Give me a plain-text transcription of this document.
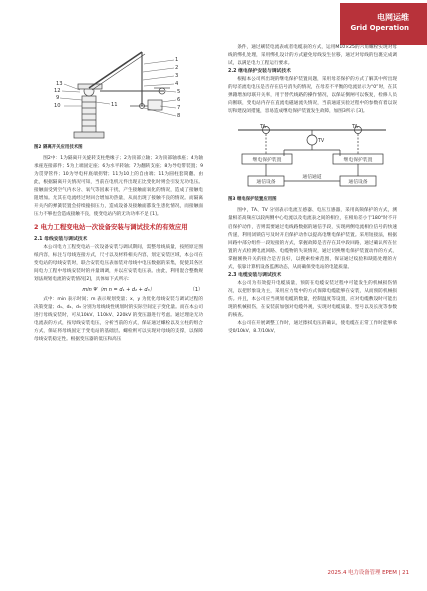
电网运维
Grid Operation
13
12
9
10	11
1
2
3
4
5
6
7
8
图2 隔离开关应用技术图

图2中：1为隔离开关旋转支柱绝缘子；2为顶部立轴；3为顶部轴承座；4为轴承座连接部件；5为上端固定座；6为水平转轴；7为翻转支座；8为导电带装置；9为贯穿管件；10为导电杆底端拐臂；11为10上的自由端；11为圆柱套筒翻。由此，根据隔离开关情况可知，当前在电机元件出现正比变化时则会引发无功电压。接触面受到空气内水分、氧气等因素干扰，产生接触面氧化的情况，造成了接触电阻增加。尤其在电流经过时回合增加功热量，从而出现了接触不良的情况。而隔离开关内的弹簧装置会持续撞损压力，造成设备及接触面都发生患化情况，而接触面压力不够也会造成接触不良，使变电站内的无功功率不足 [1]。

2 电力工程变电站一次设备安装与调试技术的有效应用

2.1 母线安装与调试技术

本公司电力工程变电站一次设备安装与调试期间，需整母线质量，按照原定图纸内容，标注与母线连接方式，尺寸以及材料相关内容，划定安装区域，本公司在变电站的母线安装时，联合安装电压表加装对母线中电压数据的采集，促使其各区间电力工程中母线安装时的并量调调，并以应安装电压表。由此，利用混合整数规划法规划电流的安装情况[2]，具体如下式所示：

min Ψ（m n = d₁ + d₂ + d₃）	（1）

式中：min 表示时间；m 表示规划变量；x，y 为优化母线安装与调试过程的决策变量；d₁、d₂、d₃ 分别为母线线性规划时的实际空间定子变化量。而在本公司进行母线安装时，可从10kV、110kV、220kV 的变压器进行考虑。通过理论无功电流表的方式，按母线安装电压，分析当前的方式，保证通过螺栓以及立柱的组合方式，保证将母线固定于变电站的基础层。螺栓则可以实现对母线的支撑，以保障母线安装稳定性。根据变压器的低压和高压

条件，通过刷装电流表或者电缆表的方式，运用M10×25的六角螺栓实现对母线的绑扎处理，采用绑扎设计的方式避免母线发生位移，通过对母线的包裹完成调试，以满足电力工程运行要求。

2.2 继电保护安装与调试技术

根据本公司所出现的继电保护装置问题，采用母差保护的方式了解其中所出现的母差流电电压是否存在信号消失的情况，在母差不平衡的电流显示为“0”时，在其弹籍增加母联开关率，用于替代线路的操作情况，以保证倒闸可以恢复，检修人员向断联，变电站内存在直流电磁通流失情况，当前通道实验过程中的参数有着以误切和建没闭措施，容易造成继电保护装置发生故障，加图3所示 [3]。

TA
TV
TA
继电保护装置	继电保护装置
通信设备
通信通道
通信设备
图3 继电保护装置应用图

图中，TA、TV 分别表示电流互感器、电压互感器，采用高频保护的方式，测量相差高频应以较两侧中心电流以及电流表之间的相位，在相角差小于180°时不开启保护动作，否则需要通过电线路数据的通信手段，实现两侧电流相位信号的快速传递，利用闭锁信号及时开启保护动作以提高电继电保护装置。采用短接法，根据回路中部分组件一段短接的方式，掌握故障是否存在其中段回路，通过确认所在位置的方式检测电流回路、电缆物的失误情况，通过切换继电保护装置动作的方式，掌握刚换升关的接合是否良好，以搜索检索范围，保证通过纹验和缺陷处理的方式，依靠计算机设备监测动态，从而确保变电站的电能质量。

2.3 电缆安装与调试技术

本公司为有效提升电缆质量，预防在电缆安装过程中可能发生的机械损伤情况，以把形象设为主，采用应力集中的方式保障电缆能够在安装，从而预防机械损伤。并且，本公司应当规划电缆的数量，控制温度等设置，应对电缆敷设时可能出现的机械损伤，在安装前加强对电缆外观，实现对电缆质量、型号以及长度等参数的核查。

本公司在开展调整工作时，通过擦拭电压的确认，使电缆在正常工作时能够承受0/10kV、8.7/10kV、

2025.4 电力设备管理 EPEM | 21
